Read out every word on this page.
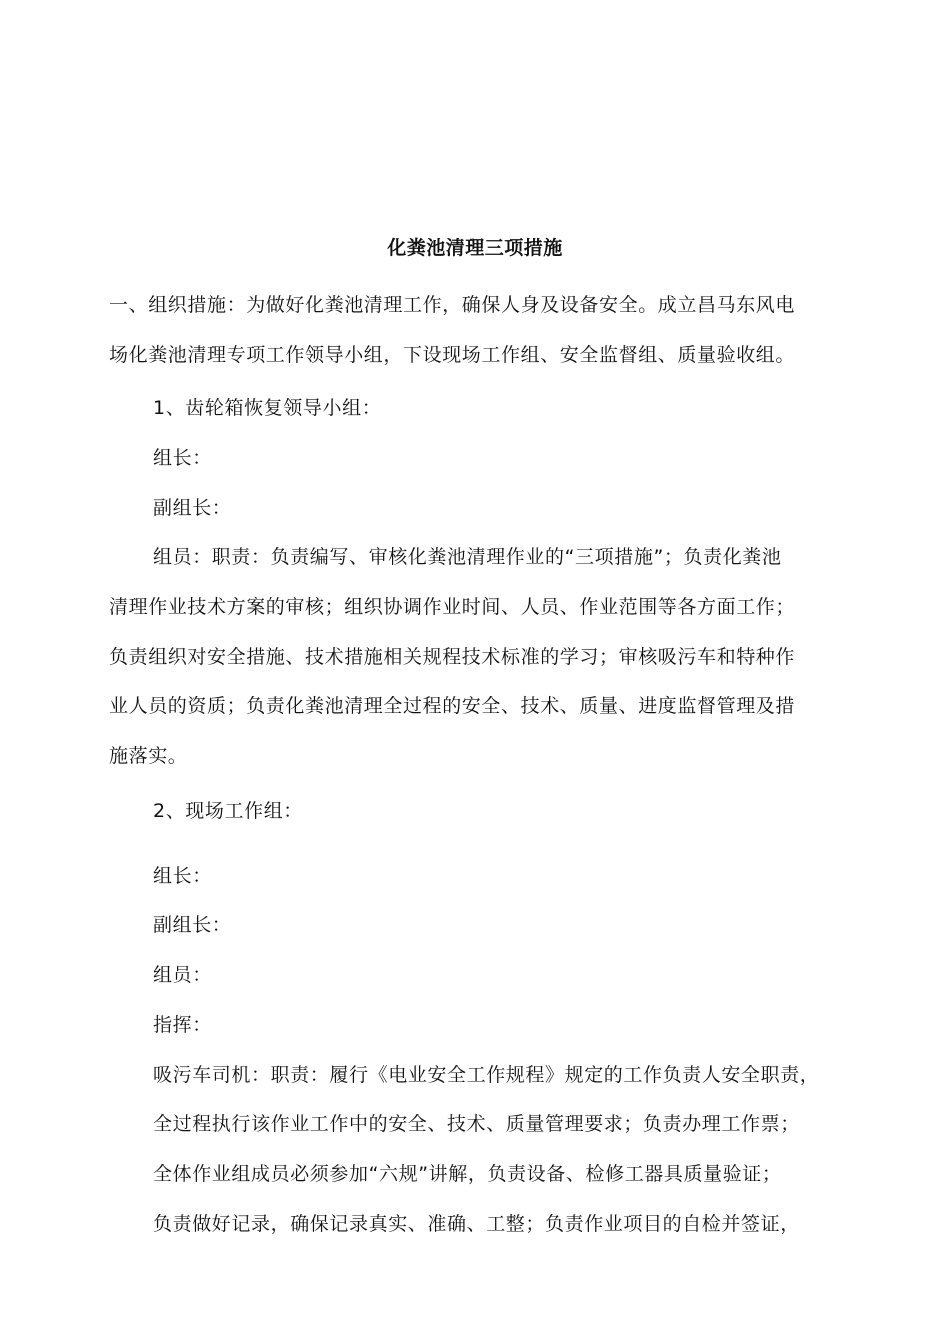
化粪池清理三项措施
一、组织措施：为做好化粪池清理工作，确保人身及设备安全。成立昌马东风电
场化粪池清理专项工作领导小组，下设现场工作组、安全监督组、质量验收组。
1、齿轮箱恢复领导小组：
组长：
副组长：
组员：职责：负责编写、审核化粪池清理作业的“三项措施”；负责化粪池
清理作业技术方案的审核；组织协调作业时间、人员、作业范围等各方面工作；
负责组织对安全措施、技术措施相关规程技术标准的学习；审核吸污车和特种作
业人员的资质；负责化粪池清理全过程的安全、技术、质量、进度监督管理及措
施落实。
2、现场工作组：
组长：
副组长：
组员：
指挥：
吸污车司机：职责：履行《电业安全工作规程》规定的工作负责人安全职责，
全过程执行该作业工作中的安全、技术、质量管理要求；负责办理工作票；
全体作业组成员必须参加“六规”讲解，负责设备、检修工器具质量验证；
负责做好记录，确保记录真实、准确、工整；负责作业项目的自检并签证，
